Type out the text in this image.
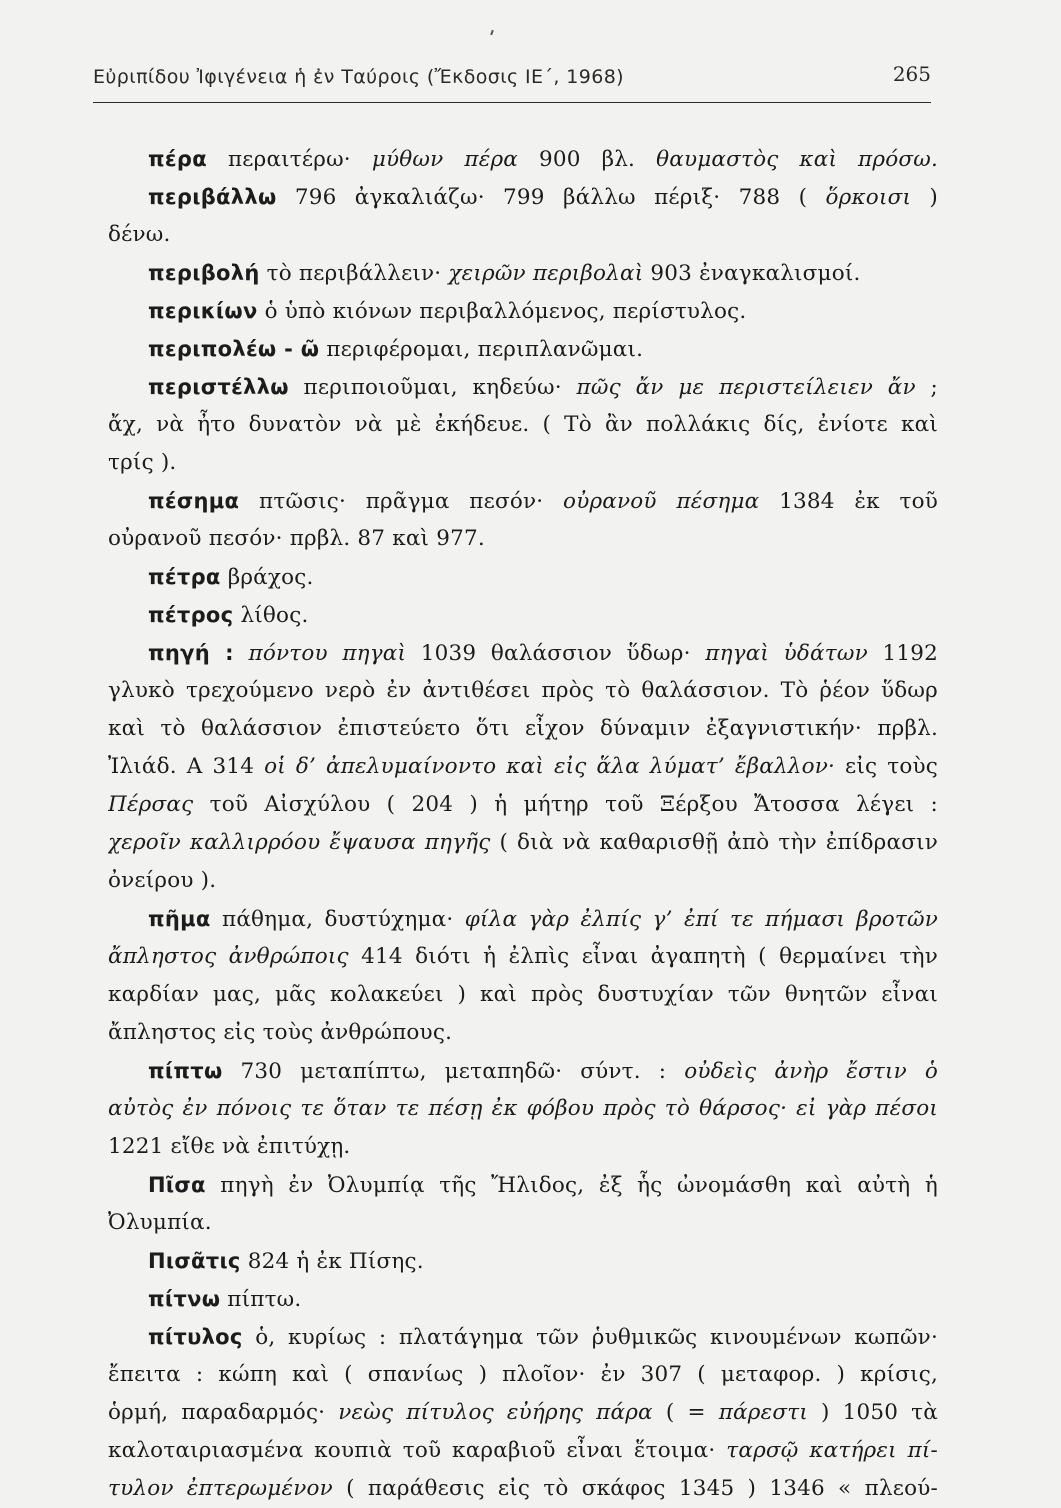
Εὐριπίδου Ἰφιγένεια ἡ ἐν Ταύροις (Ἔκδοσις ΙΕ΄, 1968)	265
πέρα περαιτέρω· μύθων πέρα 900 βλ. θαυμαστὸς καὶ πρόσω.
περιβάλλω 796 ἀγκαλιάζω· 799 βάλλω πέριξ· 788 ( ὅρκοισι )
δένω.
περιβολή τὸ περιβάλλειν· χειρῶν περιβολαὶ 903 ἐναγκαλισμοί.
περικίων ὁ ὑπὸ κιόνων περιβαλλόμενος, περίστυλος.
περιπολέω - ῶ περιφέρομαι, περιπλανῶμαι.
περιστέλλω περιποιοῦμαι, κηδεύω· πῶς ἄν με περιστείλειεν ἄν ;
ἄχ, νὰ ἦτο δυνατὸν νὰ μὲ ἐκήδευε. ( Τὸ ἂν πολλάκις δίς, ἐνίοτε καὶ
τρίς ).
πέσημα πτῶσις· πρᾶγμα πεσόν· οὐρανοῦ πέσημα 1384 ἐκ τοῦ
οὐρανοῦ πεσόν· πρβλ. 87 καὶ 977.
πέτρα βράχος.
πέτρος λίθος.
πηγή : πόντου πηγαὶ 1039 θαλάσσιον ὕδωρ· πηγαὶ ὑδάτων 1192
γλυκὸ τρεχούμενο νερὸ ἐν ἀντιθέσει πρὸς τὸ θαλάσσιον. Τὸ ῥέον ὕδωρ
καὶ τὸ θαλάσσιον ἐπιστεύετο ὅτι εἶχον δύναμιν ἐξαγνιστικήν· πρβλ.
Ἰλιάδ. Α 314 οἱ δ’ ἀπελυμαίνοντο καὶ εἰς ἅλα λύματ’ ἔβαλλον· εἰς τοὺς
Πέρσας τοῦ Αἰσχύλου ( 204 ) ἡ μήτηρ τοῦ Ξέρξου Ἄτοσσα λέγει :
χεροῖν καλλιρρόου ἔψαυσα πηγῆς ( διὰ νὰ καθαρισθῇ ἀπὸ τὴν ἐπίδρασιν
ὀνείρου ).
πῆμα πάθημα, δυστύχημα· φίλα γὰρ ἐλπίς γ’ ἐπί τε πήμασι βροτῶν
ἄπληστος ἀνθρώποις 414 διότι ἡ ἐλπὶς εἶναι ἀγαπητὴ ( θερμαίνει τὴν
καρδίαν μας, μᾶς κολακεύει ) καὶ πρὸς δυστυχίαν τῶν θνητῶν εἶναι
ἄπληστος εἰς τοὺς ἀνθρώπους.
πίπτω 730 μεταπίπτω, μεταπηδῶ· σύντ. : οὐδεὶς ἀνὴρ ἔστιν ὁ
αὐτὸς ἐν πόνοις τε ὅταν τε πέσῃ ἐκ φόβου πρὸς τὸ θάρσος· εἰ γὰρ πέσοι
1221 εἴθε νὰ ἐπιτύχῃ.
Πῖσα πηγὴ ἐν Ὀλυμπίᾳ τῆς Ἤλιδος, ἐξ ἧς ὠνομάσθη καὶ αὐτὴ ἡ
Ὀλυμπία.
Πισᾶτις 824 ἡ ἐκ Πίσης.
πίτνω πίπτω.
πίτυλος ὁ, κυρίως : πλατάγημα τῶν ῥυθμικῶς κινουμένων κωπῶν·
ἔπειτα : κώπη καὶ ( σπανίως ) πλοῖον· ἐν 307 ( μεταφορ. ) κρίσις,
ὁρμή, παραδαρμός· νεὼς πίτυλος εὐήρης πάρα ( = πάρεστι ) 1050 τὰ
καλοταιριασμένα κουπιὰ τοῦ καραβιοῦ εἶναι ἕτοιμα· ταρσῷ κατήρει πί-
τυλον ἐπτερωμένον ( παράθεσις εἰς τὸ σκάφος 1345 ) 1346 « πλεού-
